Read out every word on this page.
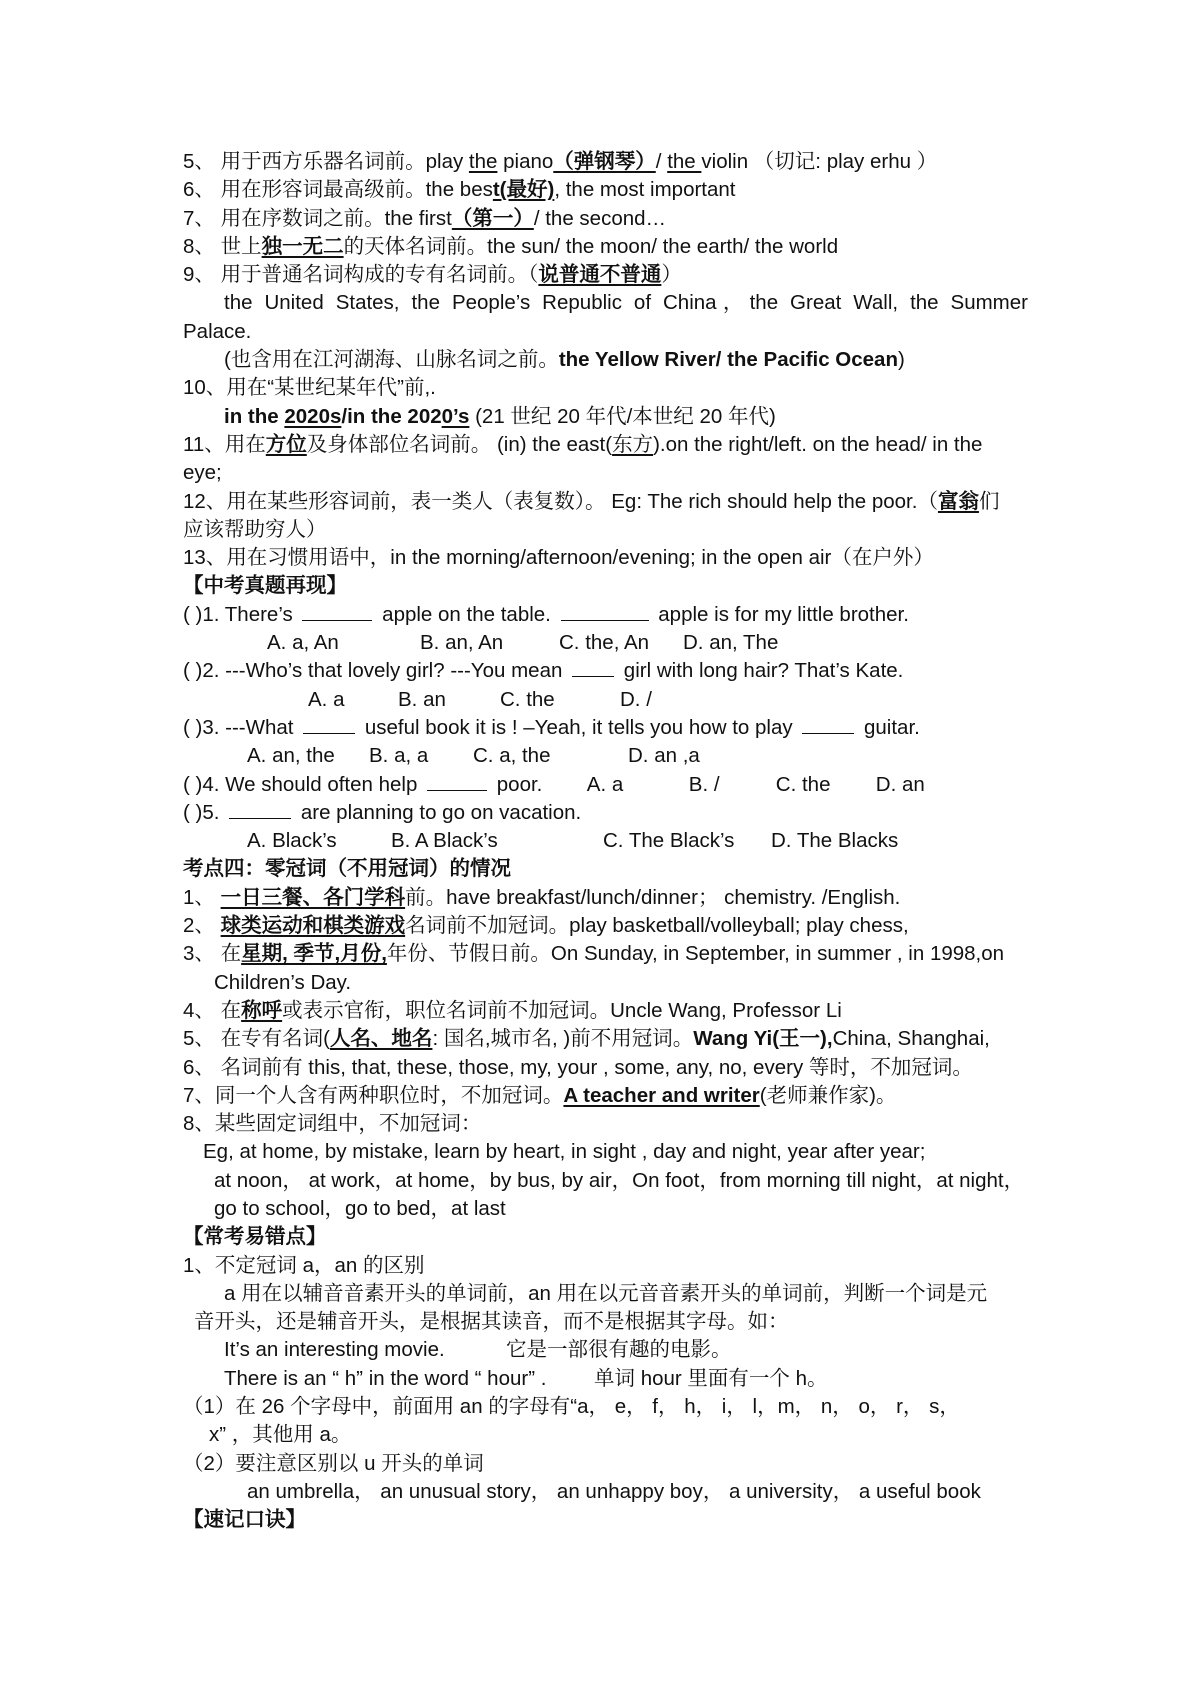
5、 用于西方乐器名词前。play the piano（弹钢琴）/ the violin （切记: play erhu ）
6、 用在形容词最高级前。the best(最好), the most important
7、 用在序数词之前。the first（第一）/ the second…
8、 世上独一无二的天体名词前。the sun/ the moon/ the earth/ the world
9、 用于普通名词构成的专有名词前。（说普通不普通）
the United States, the People’s Republic of China，the Great Wall, the Summer
Palace.
(也含用在江河湖海、山脉名词之前。the Yellow River/ the Pacific Ocean)
10、用在“某世纪某年代”前,.
in the 2020s/in the 2020’s (21 世纪 20 年代/本世纪 20 年代)
11、用在方位及身体部位名词前。 (in) the east(东方).on the right/left. on the head/ in the
eye;
12、用在某些形容词前，表一类人（表复数）。 Eg: The rich should help the poor.（富翁们
应该帮助穷人）
13、用在习惯用语中，in the morning/afternoon/evening; in the open air（在户外）
【中考真题再现】
( )1. There’s	apple on the table.	apple is for my little brother.
A. a, An	B. an, An	C. the, An D. an, The
( )2. ---Who’s that lovely girl? ---You mean	girl with long hair? That’s Kate.
A. a	B. an	C. the	D. /
( )3. ---What	useful book it is ! –Yeah, it tells you how to play	guitar.
A. an, the B. a, a C. a, the	D. an ,a
( )4. We should often help	poor. A. a	B. /	C. the D. an
( )5.	are planning to go on vacation.
A. Black’s	B. A Black’s	C. The Black’s D. The Blacks
考点四：零冠词（不用冠词）的情况
1、 一日三餐、各门学科前。have breakfast/lunch/dinner； chemistry. /English.
2、 球类运动和棋类游戏名词前不加冠词。play basketball/volleyball; play chess,
3、 在星期, 季节,月份,年份、节假日前。On Sunday, in September, in summer , in 1998,on
Children’s Day.
4、 在称呼或表示官衔，职位名词前不加冠词。Uncle Wang, Professor Li
5、 在专有名词(人名、地名: 国名,城市名, )前不用冠词。Wang Yi(王一),China, Shanghai,
6、 名词前有 this, that, these, those, my, your , some, any, no, every 等时，不加冠词。
7、同一个人含有两种职位时，不加冠词。A teacher and writer(老师兼作家)。
8、某些固定词组中，不加冠词：
Eg, at home, by mistake, learn by heart, in sight , day and night, year after year;
at noon， at work，at home，by bus, by air，On foot，from morning till night，at night，
go to school，go to bed，at last
【常考易错点】
1、不定冠词 a，an 的区别
a 用在以辅音音素开头的单词前，an 用在以元音音素开头的单词前，判断一个词是元
音开头，还是辅音开头，是根据其读音，而不是根据其字母。如：
It’s an interesting movie.	它是一部很有趣的电影。
There is an “ h” in the word “ hour” . 单词 hour 里面有一个 h。
（1）在 26 个字母中，前面用 an 的字母有“a， e， f， h， i， l，m， n， o， r， s，
x” ，其他用 a。
（2）要注意区别以 u 开头的单词
an umbrella， an unusual story， an unhappy boy， a university， a useful book
【速记口诀】
